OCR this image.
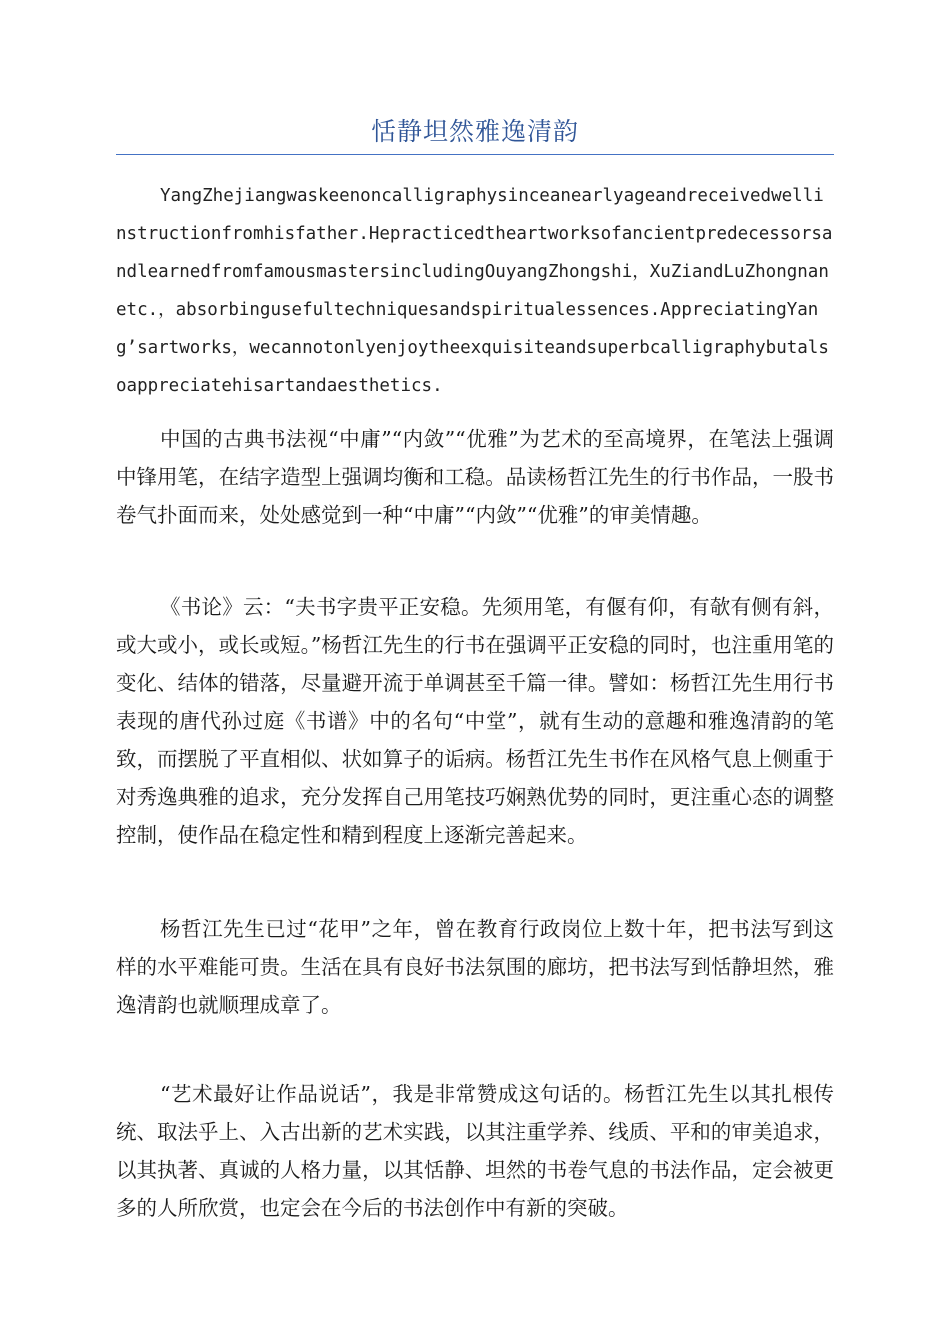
恬静坦然雅逸清韵

YangZhejiangwaskeenoncalligraphysinceanearlyageandreceivedwellinstructionfromhisfather.HepracticedtheartworksofancientpredecessorsandlearnedfromfamousmastersincludingOuyangZhongshi，XuZiandLuZhongnanetc.，absorbingusefultechniquesandspiritualessences.AppreciatingYang’sartworks，wecannotonlyenjoytheexquisiteandsuperbcalligraphybutalsoappreciatehisartandaesthetics.

中国的古典书法视“中庸”“内敛”“优雅”为艺术的至高境界，在笔法上强调中锋用笔，在结字造型上强调均衡和工稳。品读杨哲江先生的行书作品，一股书卷气扑面而来，处处感觉到一种“中庸”“内敛”“优雅”的审美情趣。

《书论》云：“夫书字贵平正安稳。先须用笔，有偃有仰，有欹有侧有斜，或大或小，或长或短。”杨哲江先生的行书在强调平正安稳的同时，也注重用笔的变化、结体的错落，尽量避开流于单调甚至千篇一律。譬如：杨哲江先生用行书表现的唐代孙过庭《书谱》中的名句“中堂”，就有生动的意趣和雅逸清韵的笔致，而摆脱了平直相似、状如算子的诟病。杨哲江先生书作在风格气息上侧重于对秀逸典雅的追求，充分发挥自己用笔技巧娴熟优势的同时，更注重心态的调整控制，使作品在稳定性和精到程度上逐渐完善起来。

杨哲江先生已过“花甲”之年，曾在教育行政岗位上数十年，把书法写到这样的水平难能可贵。生活在具有良好书法氛围的廊坊，把书法写到恬静坦然，雅逸清韵也就顺理成章了。

“艺术最好让作品说话”，我是非常赞成这句话的。杨哲江先生以其扎根传统、取法乎上、入古出新的艺术实践，以其注重学养、线质、平和的审美追求，以其执著、真诚的人格力量，以其恬静、坦然的书卷气息的书法作品，定会被更多的人所欣赏，也定会在今后的书法创作中有新的突破。
